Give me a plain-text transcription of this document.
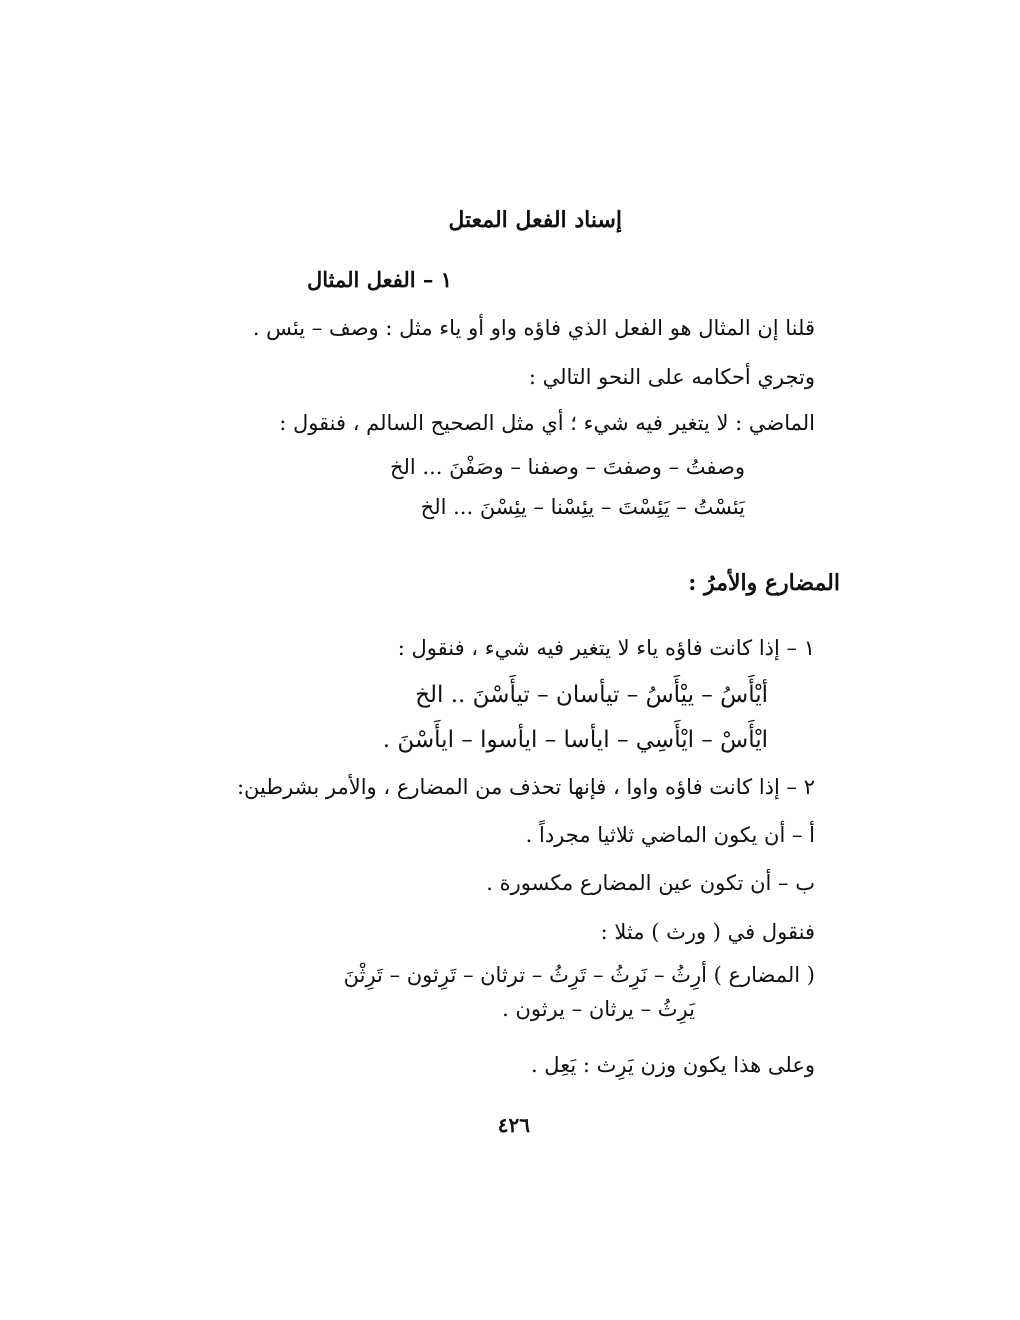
إسناد الفعل المعتل
١ – الفعل المثال
قلنا إن المثال هو الفعل الذي فاؤه واو أو ياء مثل : وصف – يئس .
وتجري أحكامه على النحو التالي :
الماضي : لا يتغير فيه شيء ؛ أي مثل الصحيح السالم ، فنقول :
وصفتُ – وصفتَ – وصفنا – وصَفْنَ ... الخ
يَئسْتُ – يَئِسْتَ – يئِسْنا – يئِسْنَ ... الخ
المضارع والأمرُ :
١ – إذا كانت فاؤه ياء لا يتغير فيه شيء ، فنقول :
أيْأَسُ – ييْأَسُ – تيأسان – تيأَسْنَ .. الخ
ايْأَسْ – ايْأَسِي – ايأسا – ايأسوا – ايأَسْنَ .
٢ – إذا كانت فاؤه واوا ، فإنها تحذف من المضارع ، والأمر بشرطين:
أ – أن يكون الماضي ثلاثيا مجرداً .
ب – أن تكون عين المضارع مكسورة .
فنقول في ( ورث ) مثلا :
( المضارع ) أرِثُ – نَرِثُ – تَرِثُ – ترثان – تَرِثون – تَرِثْنَ
يَرِثُ – يرثان – يرثون .
وعلى هذا يكون وزن يَرِث : يَعِل .
٤٢٦
